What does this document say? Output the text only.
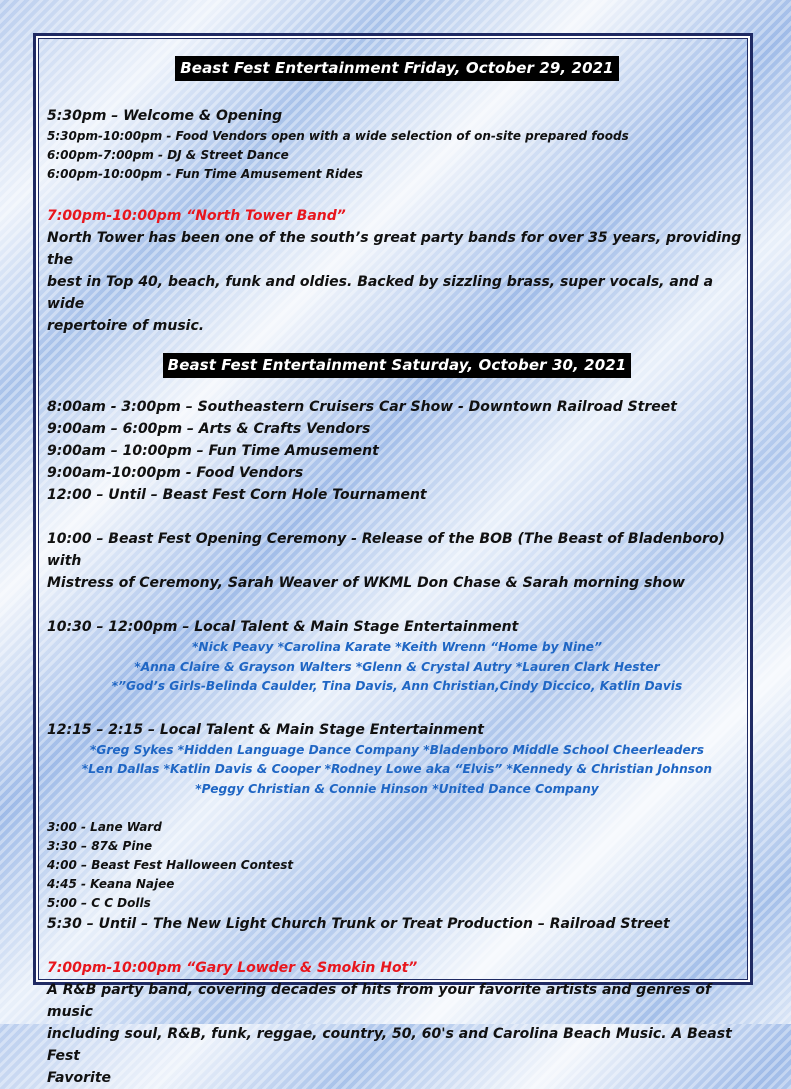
Beast Fest Entertainment Friday, October 29, 2021

5:30pm – Welcome & Opening

5:30pm-10:00pm - Food Vendors open with a wide selection of on-site prepared foods

6:00pm-7:00pm - DJ & Street Dance

6:00pm-10:00pm - Fun Time Amusement Rides

7:00pm-10:00pm “North Tower Band”

North Tower has been one of the south’s great party bands for over 35 years, providing the

best in Top 40, beach, funk and oldies. Backed by sizzling brass, super vocals, and a wide

repertoire of music.

Beast Fest Entertainment Saturday, October 30, 2021

8:00am - 3:00pm – Southeastern Cruisers Car Show - Downtown Railroad Street

9:00am – 6:00pm – Arts & Crafts Vendors

9:00am – 10:00pm – Fun Time Amusement

9:00am-10:00pm - Food Vendors

12:00 – Until – Beast Fest Corn Hole Tournament

10:00 – Beast Fest Opening Ceremony - Release of the BOB (The Beast of Bladenboro) with

Mistress of Ceremony, Sarah Weaver of WKML Don Chase & Sarah morning show

10:30 – 12:00pm – Local Talent & Main Stage Entertainment

*Nick Peavy *Carolina Karate *Keith Wrenn “Home by Nine”

*Anna Claire & Grayson Walters *Glenn & Crystal Autry *Lauren Clark Hester

*”God’s Girls-Belinda Caulder, Tina Davis, Ann Christian,Cindy Diccico, Katlin Davis

12:15 – 2:15 – Local Talent & Main Stage Entertainment

*Greg Sykes *Hidden Language Dance Company *Bladenboro Middle School Cheerleaders

*Len Dallas *Katlin Davis & Cooper *Rodney Lowe aka “Elvis” *Kennedy & Christian Johnson

*Peggy Christian & Connie Hinson *United Dance Company

3:00 - Lane Ward

3:30 – 87& Pine

4:00 – Beast Fest Halloween Contest

4:45 - Keana Najee

5:00 – C C Dolls

5:30 – Until – The New Light Church Trunk or Treat Production – Railroad Street

7:00pm-10:00pm “Gary Lowder & Smokin Hot”

A R&B party band, covering decades of hits from your favorite artists and genres of music

including soul, R&B, funk, reggae, country, 50, 60's and Carolina Beach Music. A Beast Fest

Favorite
